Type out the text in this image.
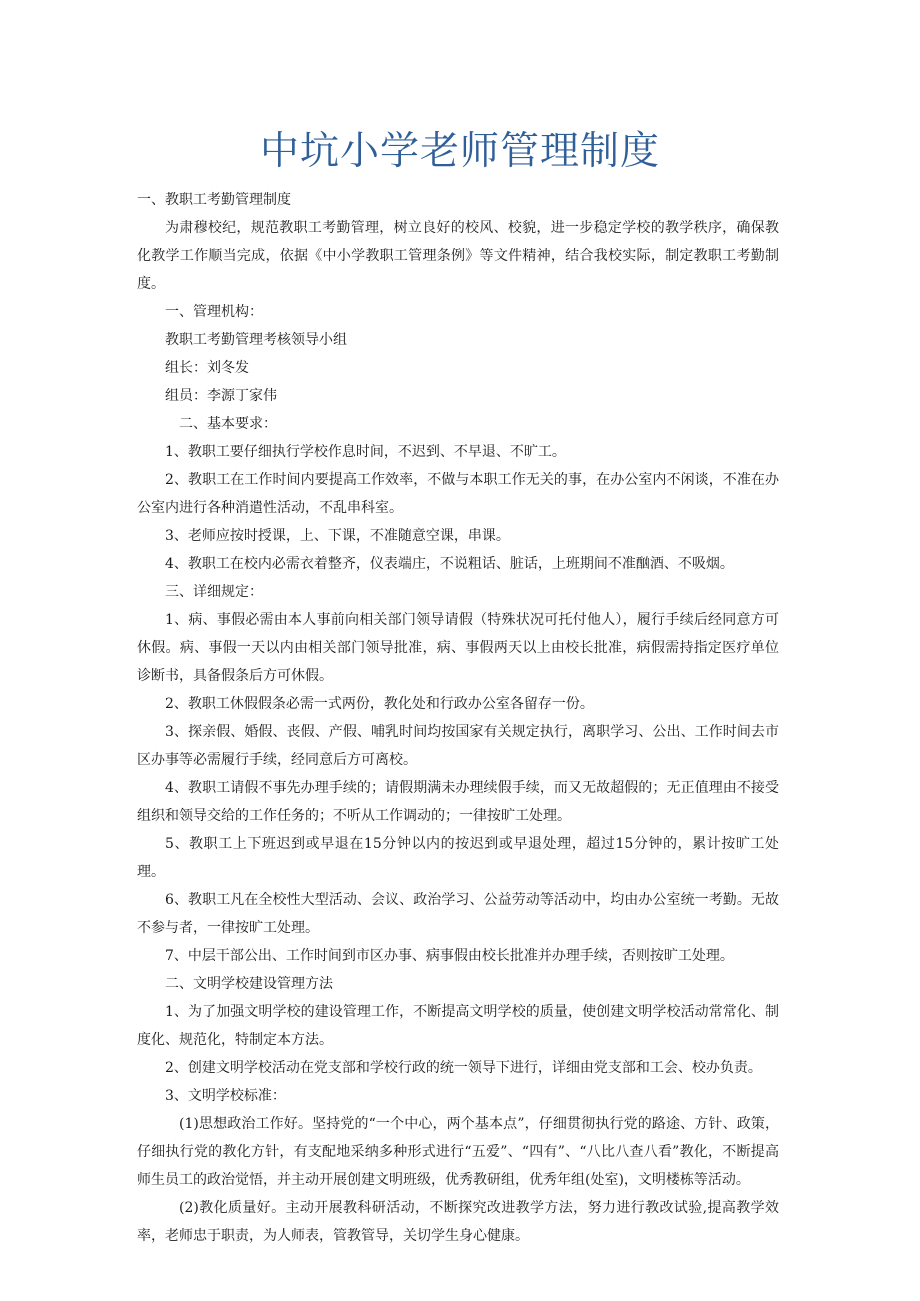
中坑小学老师管理制度

一、教职工考勤管理制度

为肃穆校纪，规范教职工考勤管理，树立良好的校风、校貌，进一步稳定学校的教学秩序，确保教化教学工作顺当完成，依据《中小学教职工管理条例》等文件精神，结合我校实际，制定教职工考勤制度。

一、管理机构：

教职工考勤管理考核领导小组

组长：刘冬发

组员：李源丁家伟

二、基本要求：

1、教职工要仔细执行学校作息时间，不迟到、不早退、不旷工。

2、教职工在工作时间内要提高工作效率，不做与本职工作无关的事，在办公室内不闲谈，不准在办公室内进行各种消遣性活动，不乱串科室。

3、老师应按时授课，上、下课，不准随意空课，串课。

4、教职工在校内必需衣着整齐，仪表端庄，不说粗话、脏话，上班期间不准酗酒、不吸烟。

三、详细规定：

1、病、事假必需由本人事前向相关部门领导请假（特殊状况可托付他人），履行手续后经同意方可休假。病、事假一天以内由相关部门领导批准，病、事假两天以上由校长批准，病假需持指定医疗单位诊断书，具备假条后方可休假。

2、教职工休假假条必需一式两份，教化处和行政办公室各留存一份。

3、探亲假、婚假、丧假、产假、哺乳时间均按国家有关规定执行，离职学习、公出、工作时间去市区办事等必需履行手续，经同意后方可离校。

4、教职工请假不事先办理手续的；请假期满未办理续假手续，而又无故超假的；无正值理由不接受组织和领导交给的工作任务的；不听从工作调动的；一律按旷工处理。

5、教职工上下班迟到或早退在15分钟以内的按迟到或早退处理，超过15分钟的，累计按旷工处理。

6、教职工凡在全校性大型活动、会议、政治学习、公益劳动等活动中，均由办公室统一考勤。无故不参与者，一律按旷工处理。

7、中层干部公出、工作时间到市区办事、病事假由校长批准并办理手续，否则按旷工处理。

二、文明学校建设管理方法

1、为了加强文明学校的建设管理工作，不断提高文明学校的质量，使创建文明学校活动常常化、制度化、规范化，特制定本方法。

2、创建文明学校活动在党支部和学校行政的统一领导下进行，详细由党支部和工会、校办负责。

3、文明学校标准：

(1)思想政治工作好。坚持党的“一个中心，两个基本点”，仔细贯彻执行党的路途、方针、政策，仔细执行党的教化方针，有支配地采纳多种形式进行“五爱”、“四有”、“八比八查八看”教化，不断提高师生员工的政治觉悟，并主动开展创建文明班级，优秀教研组，优秀年组(处室)，文明楼栋等活动。

(2)教化质量好。主动开展教科研活动，不断探究改进教学方法，努力进行教改试验,提高教学效率，老师忠于职责，为人师表，管教管导，关切学生身心健康。
